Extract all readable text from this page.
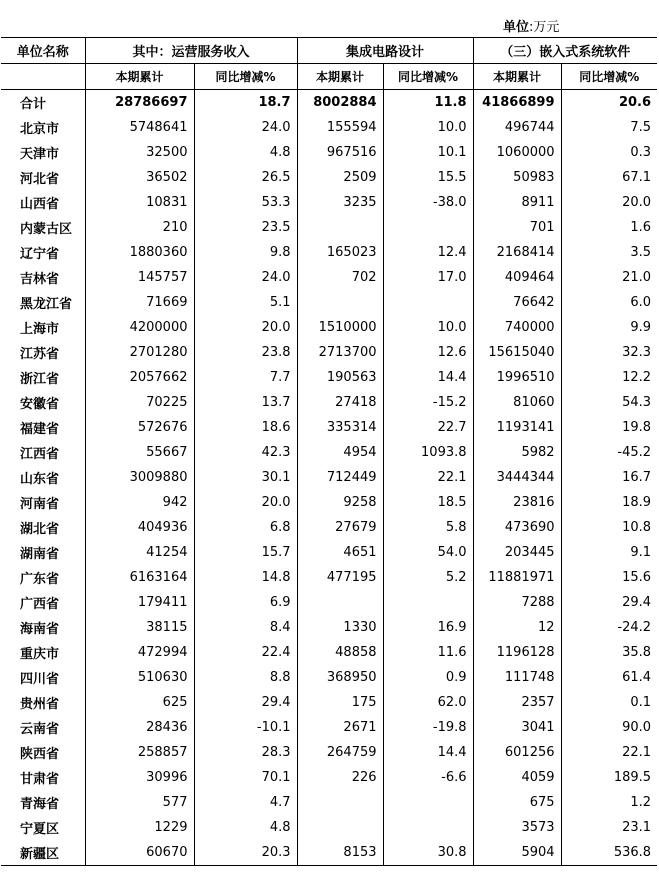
单位:万元
单位名称	其中：运营服务收入		集成电路设计		（三）嵌入式系统软件	
	本期累计	同比增减%	本期累计	同比增减%	本期累计	同比增减%
合计	28786697	18.7	8002884	11.8	41866899	20.6
北京市	5748641	24.0	155594	10.0	496744	7.5
天津市	32500	4.8	967516	10.1	1060000	0.3
河北省	36502	26.5	2509	15.5	50983	67.1
山西省	10831	53.3	3235	-38.0	8911	20.0
内蒙古区	210	23.5			701	1.6
辽宁省	1880360	9.8	165023	12.4	2168414	3.5
吉林省	145757	24.0	702	17.0	409464	21.0
黑龙江省	71669	5.1			76642	6.0
上海市	4200000	20.0	1510000	10.0	740000	9.9
江苏省	2701280	23.8	2713700	12.6	15615040	32.3
浙江省	2057662	7.7	190563	14.4	1996510	12.2
安徽省	70225	13.7	27418	-15.2	81060	54.3
福建省	572676	18.6	335314	22.7	1193141	19.8
江西省	55667	42.3	4954	1093.8	5982	-45.2
山东省	3009880	30.1	712449	22.1	3444344	16.7
河南省	942	20.0	9258	18.5	23816	18.9
湖北省	404936	6.8	27679	5.8	473690	10.8
湖南省	41254	15.7	4651	54.0	203445	9.1
广东省	6163164	14.8	477195	5.2	11881971	15.6
广西省	179411	6.9			7288	29.4
海南省	38115	8.4	1330	16.9	12	-24.2
重庆市	472994	22.4	48858	11.6	1196128	35.8
四川省	510630	8.8	368950	0.9	111748	61.4
贵州省	625	29.4	175	62.0	2357	0.1
云南省	28436	-10.1	2671	-19.8	3041	90.0
陕西省	258857	28.3	264759	14.4	601256	22.1
甘肃省	30996	70.1	226	-6.6	4059	189.5
青海省	577	4.7			675	1.2
宁夏区	1229	4.8			3573	23.1
新疆区	60670	20.3	8153	30.8	5904	536.8
